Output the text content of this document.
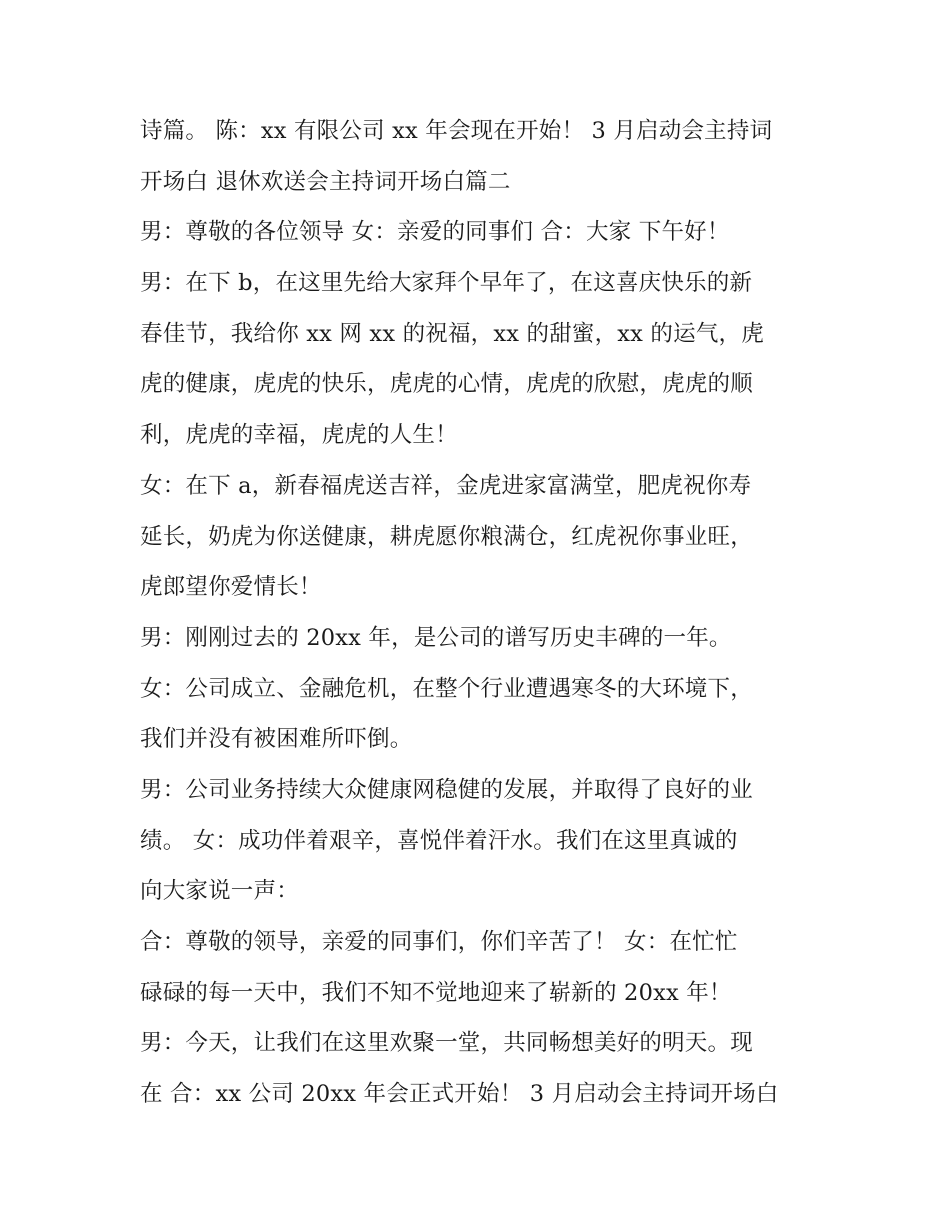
诗篇。 陈：xx 有限公司 xx 年会现在开始！ 3 月启动会主持词
开场白 退休欢送会主持词开场白篇二
男：尊敬的各位领导 女：亲爱的同事们 合：大家 下午好！
男：在下 b，在这里先给大家拜个早年了，在这喜庆快乐的新
春佳节，我给你 xx 网 xx 的祝福，xx 的甜蜜，xx 的运气，虎
虎的健康，虎虎的快乐，虎虎的心情，虎虎的欣慰，虎虎的顺
利，虎虎的幸福，虎虎的人生！
女：在下 a，新春福虎送吉祥，金虎进家富满堂，肥虎祝你寿
延长，奶虎为你送健康，耕虎愿你粮满仓，红虎祝你事业旺，
虎郎望你爱情长！
男：刚刚过去的 20xx 年，是公司的谱写历史丰碑的一年。
女：公司成立、金融危机，在整个行业遭遇寒冬的大环境下，
我们并没有被困难所吓倒。
男：公司业务持续大众健康网稳健的发展，并取得了良好的业
绩。 女：成功伴着艰辛，喜悦伴着汗水。我们在这里真诚的
向大家说一声：
合：尊敬的领导，亲爱的同事们，你们辛苦了！ 女：在忙忙
碌碌的每一天中，我们不知不觉地迎来了崭新的 20xx 年！
男：今天，让我们在这里欢聚一堂，共同畅想美好的明天。现
在 合：xx 公司 20xx 年会正式开始！ 3 月启动会主持词开场白
